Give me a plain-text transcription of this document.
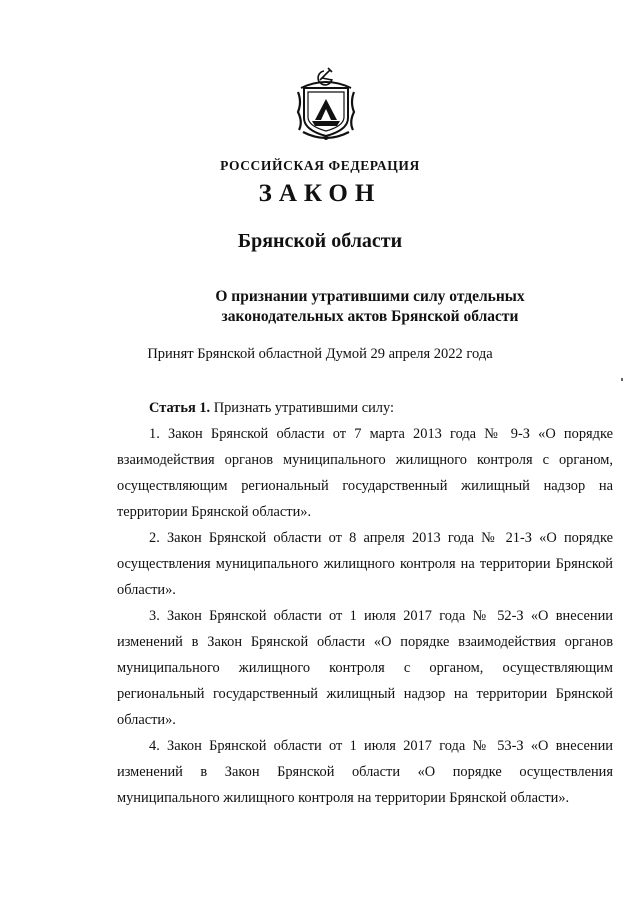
РОССИЙСКАЯ ФЕДЕРАЦИЯ
ЗАКОН
Брянской области
О признании утратившими силу отдельных
законодательных актов Брянской области
Принят Брянской областной Думой 29 апреля 2022 года

Статья 1. Признать утратившими силу:

1. Закон Брянской области от 7 марта 2013 года № 9-З «О порядке взаимодействия органов муниципального жилищного контроля с органом, осуществляющим региональный государственный жилищный надзор на территории Брянской области».

2. Закон Брянской области от 8 апреля 2013 года № 21-З «О порядке осуществления муниципального жилищного контроля на территории Брянской области».

3. Закон Брянской области от 1 июля 2017 года № 52-З «О внесении изменений в Закон Брянской области «О порядке взаимодействия органов муниципального жилищного контроля с органом, осуществляющим региональный государственный жилищный надзор на территории Брянской области».

4. Закон Брянской области от 1 июля 2017 года № 53-З «О внесении изменений в Закон Брянской области «О порядке осуществления муниципального жилищного контроля на территории Брянской области».
